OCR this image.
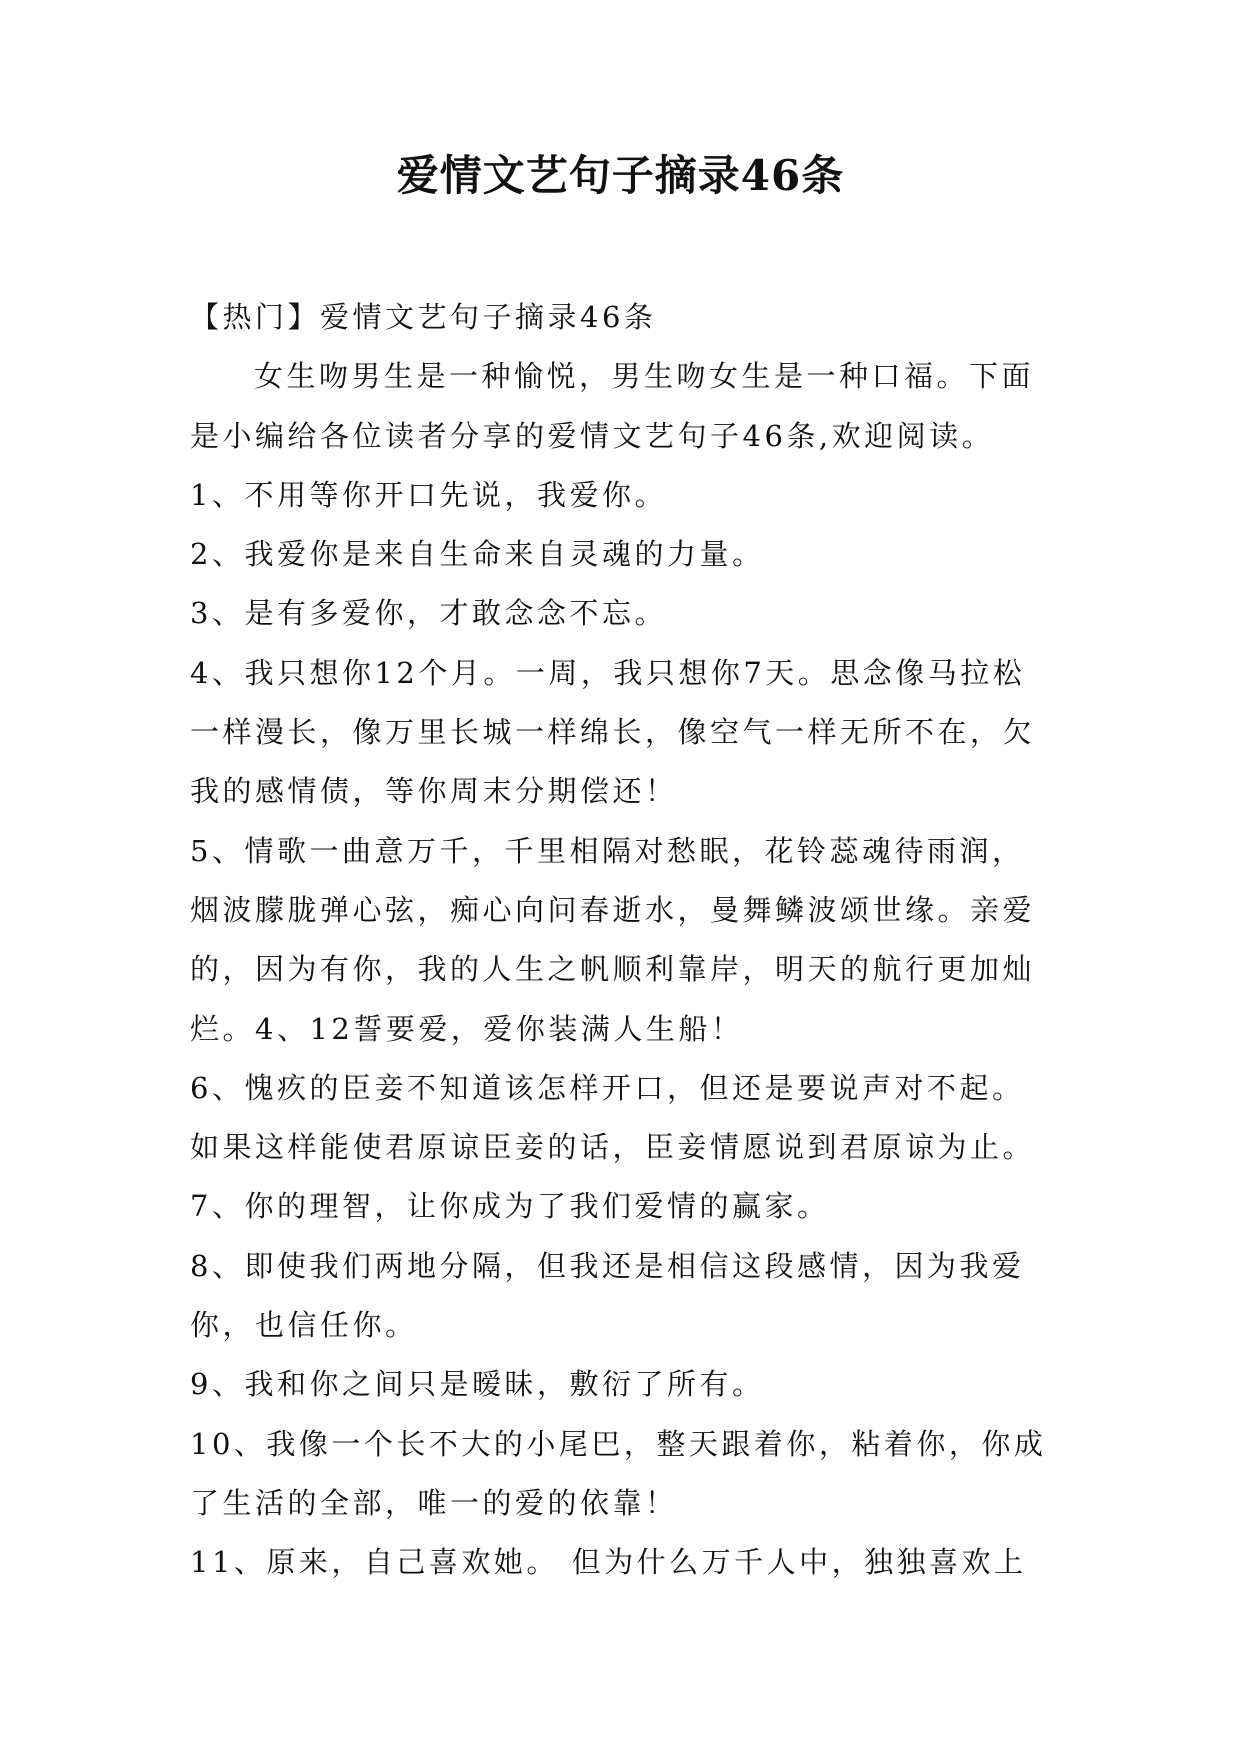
爱情文艺句子摘录46条
【热门】爱情文艺句子摘录46条
女生吻男生是一种愉悦，男生吻女生是一种口福。下面
是小编给各位读者分享的爱情文艺句子46条,欢迎阅读。
1、不用等你开口先说，我爱你。
2、我爱你是来自生命来自灵魂的力量。
3、是有多爱你，才敢念念不忘。
4、我只想你12个月。一周，我只想你7天。思念像马拉松
一样漫长，像万里长城一样绵长，像空气一样无所不在，欠
我的感情债，等你周末分期偿还！
5、情歌一曲意万千，千里相隔对愁眠，花铃蕊魂待雨润，
烟波朦胧弹心弦，痴心向问春逝水，曼舞鳞波颂世缘。亲爱
的，因为有你，我的人生之帆顺利靠岸，明天的航行更加灿
烂。4、12誓要爱，爱你装满人生船！
6、愧疚的臣妾不知道该怎样开口，但还是要说声对不起。
如果这样能使君原谅臣妾的话，臣妾情愿说到君原谅为止。
7、你的理智，让你成为了我们爱情的赢家。
8、即使我们两地分隔，但我还是相信这段感情，因为我爱
你，也信任你。
9、我和你之间只是暧昧，敷衍了所有。
10、我像一个长不大的小尾巴，整天跟着你，粘着你，你成
了生活的全部，唯一的爱的依靠！
11、原来，自己喜欢她。 但为什么万千人中，独独喜欢上
